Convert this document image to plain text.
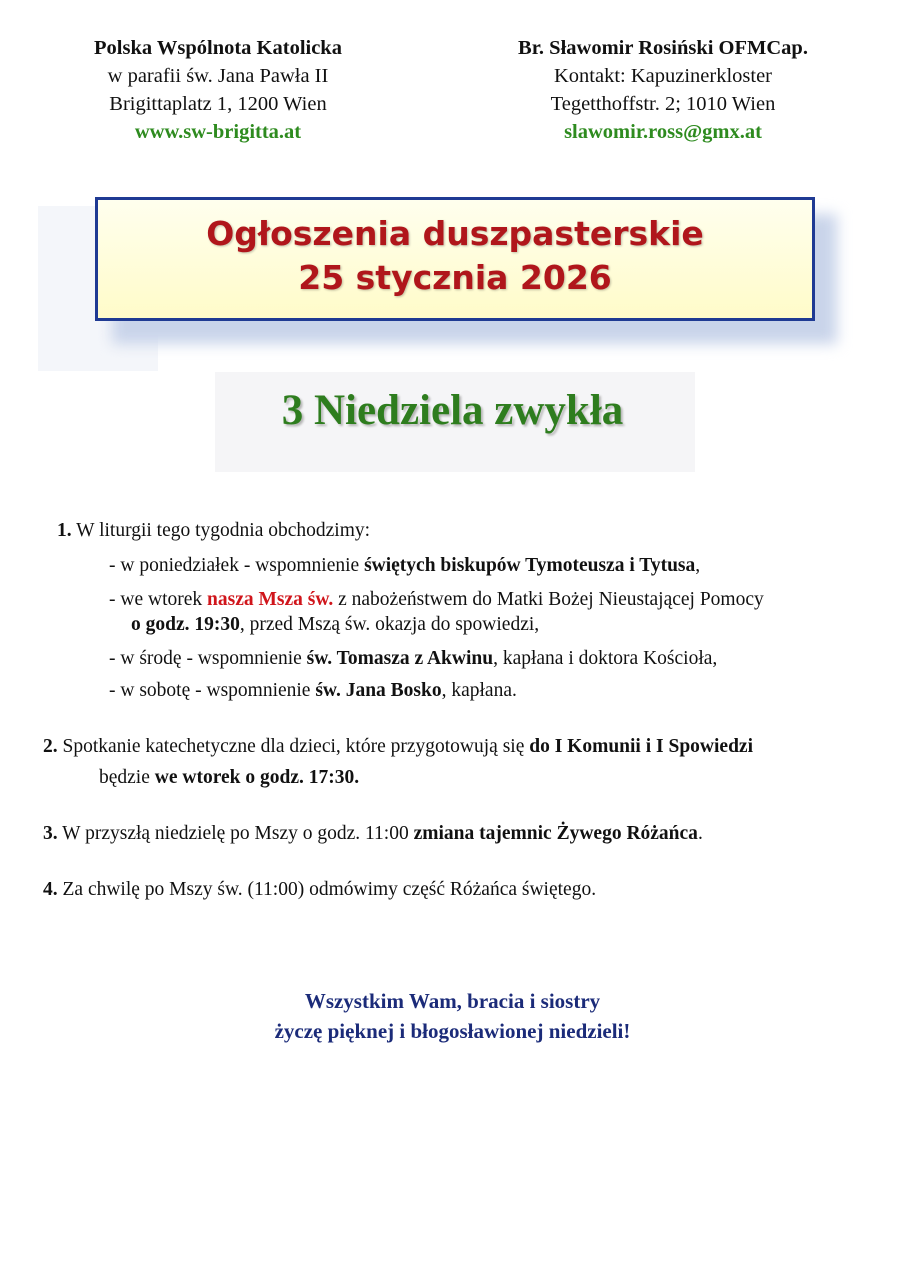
Polska Wspólnota Katolicka
w parafii św. Jana Pawła II
Brigittaplatz 1, 1200 Wien
www.sw-brigitta.at
Br. Sławomir Rosiński OFMCap.
Kontakt: Kapuzinerkloster
Tegetthoffstr. 2; 1010 Wien
slawomir.ross@gmx.at
Ogłoszenia duszpasterskie
25 stycznia 2026
3 Niedziela zwykła
1. W liturgii tego tygodnia obchodzimy:
- w poniedziałek - wspomnienie świętych biskupów Tymoteusza i Tytusa,
- we wtorek nasza Msza św. z nabożeństwem do Matki Bożej Nieustającej Pomocy
o godz. 19:30, przed Mszą św. okazja do spowiedzi,
- w środę - wspomnienie św. Tomasza z Akwinu, kapłana i doktora Kościoła,
- w sobotę - wspomnienie św. Jana Bosko, kapłana.
2. Spotkanie katechetyczne dla dzieci, które przygotowują się do I Komunii i I Spowiedzi
będzie we wtorek o godz. 17:30.
3. W przyszłą niedzielę po Mszy o godz. 11:00 zmiana tajemnic Żywego Różańca.
4. Za chwilę po Mszy św. (11:00) odmówimy część Różańca świętego.
Wszystkim Wam, bracia i siostry
życzę pięknej i błogosławionej niedzieli!
